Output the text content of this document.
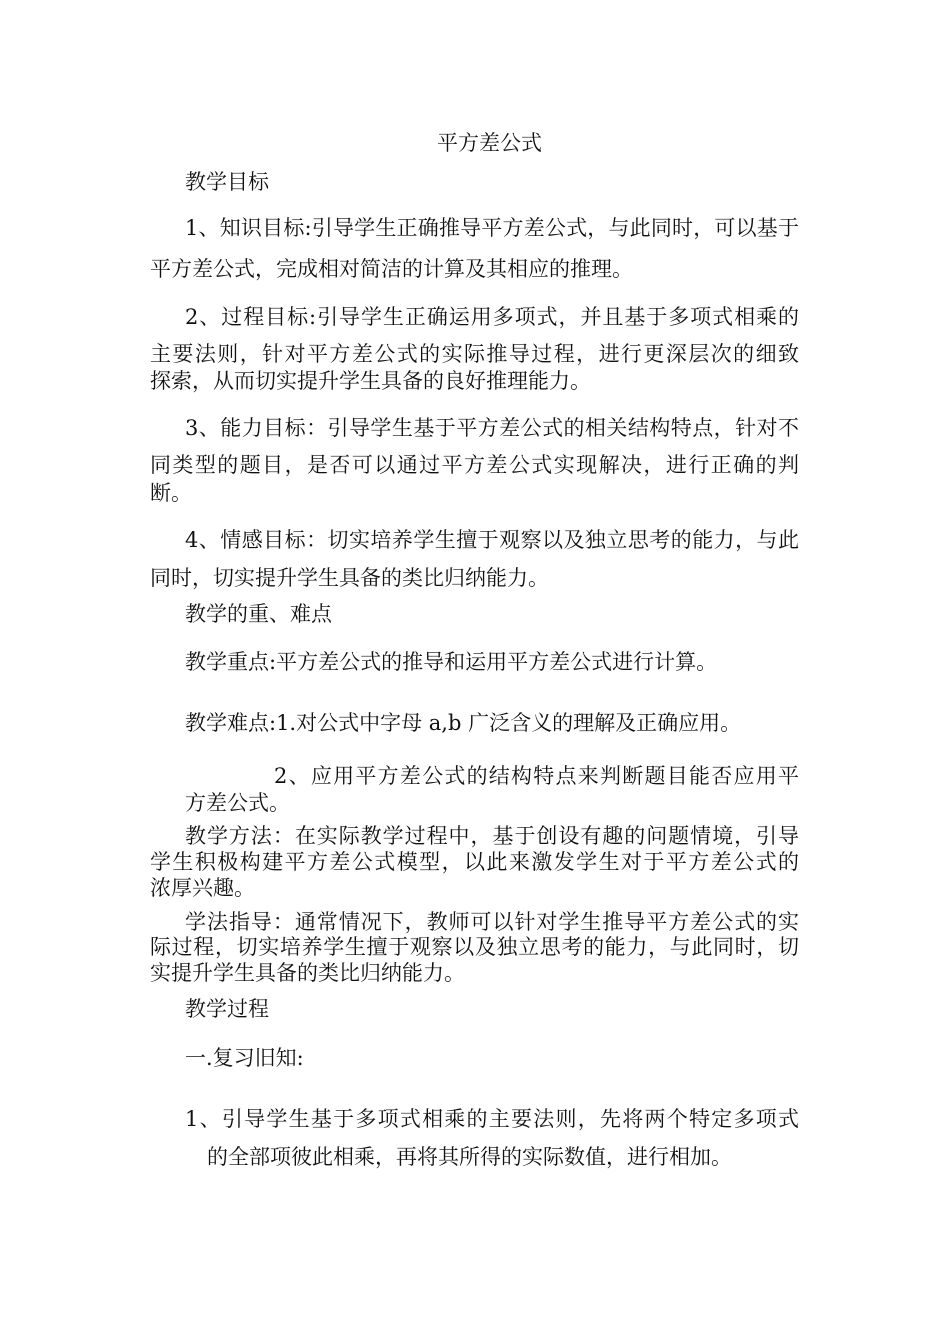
平方差公式
教学目标
1、知识目标:引导学生正确推导平方差公式，与此同时，可以基于
平方差公式，完成相对简洁的计算及其相应的推理。
2、过程目标:引导学生正确运用多项式，并且基于多项式相乘的
主要法则，针对平方差公式的实际推导过程，进行更深层次的细致
探索，从而切实提升学生具备的良好推理能力。
3、能力目标：引导学生基于平方差公式的相关结构特点，针对不
同类型的题目，是否可以通过平方差公式实现解决，进行正确的判
断。
4、情感目标：切实培养学生擅于观察以及独立思考的能力，与此
同时，切实提升学生具备的类比归纳能力。
教学的重、难点
教学重点:平方差公式的推导和运用平方差公式进行计算。
教学难点:1.对公式中字母 a,b 广泛含义的理解及正确应用。
2、应用平方差公式的结构特点来判断题目能否应用平
方差公式。
教学方法：在实际教学过程中，基于创设有趣的问题情境，引导
学生积极构建平方差公式模型，以此来激发学生对于平方差公式的
浓厚兴趣。
学法指导：通常情况下，教师可以针对学生推导平方差公式的实
际过程，切实培养学生擅于观察以及独立思考的能力，与此同时，切
实提升学生具备的类比归纳能力。
教学过程
一.复习旧知:
1、引导学生基于多项式相乘的主要法则，先将两个特定多项式
的全部项彼此相乘，再将其所得的实际数值，进行相加。
